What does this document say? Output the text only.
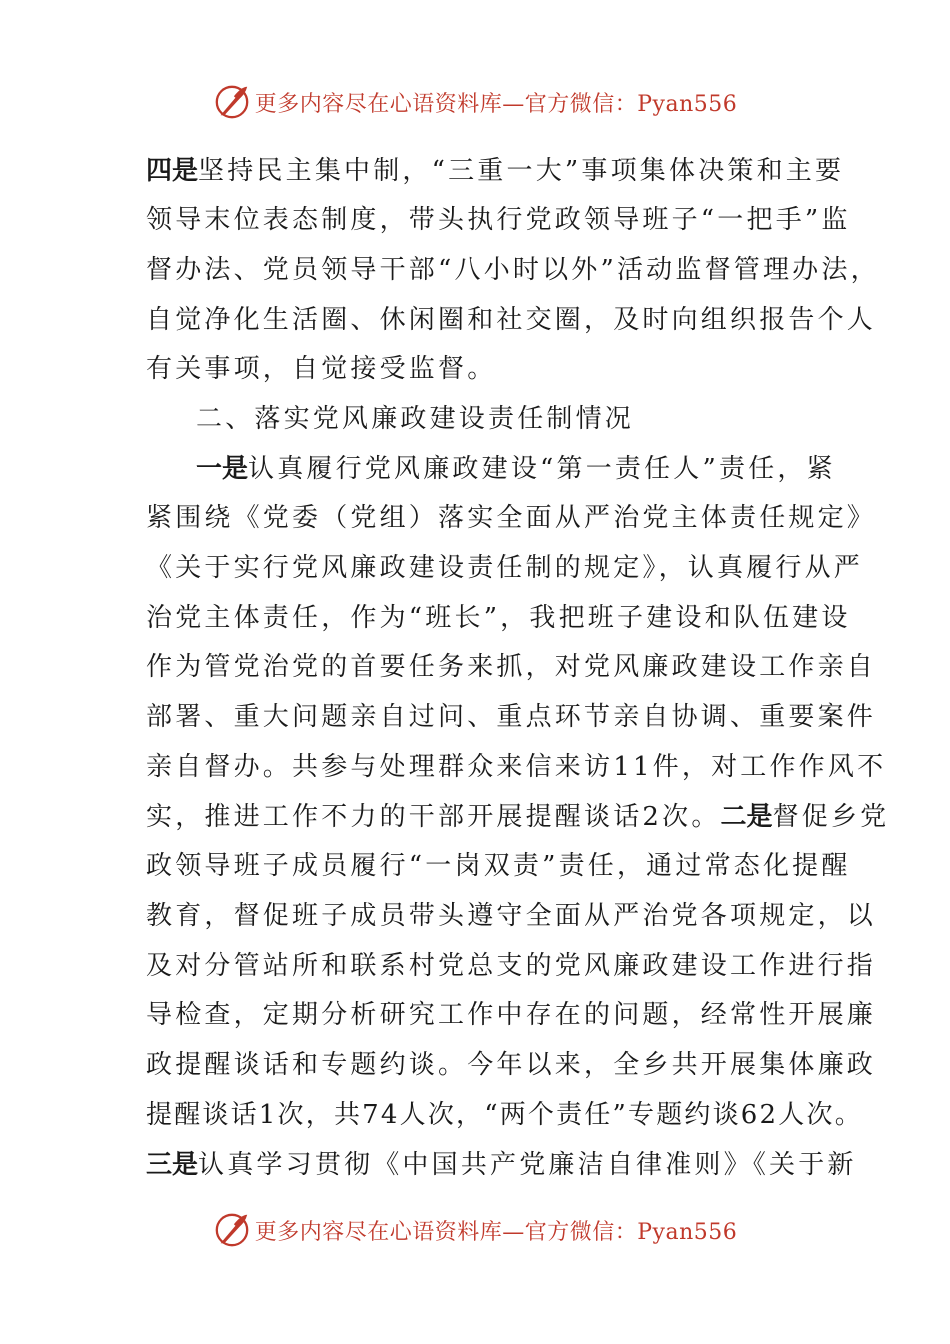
更多内容尽在心语资料库—官方微信：Pyan556
四是坚持民主集中制，“三重一大”事项集体决策和主要
领导末位表态制度，带头执行党政领导班子“一把手”监
督办法、党员领导干部“八小时以外”活动监督管理办法，
自觉净化生活圈、休闲圈和社交圈，及时向组织报告个人
有关事项，自觉接受监督。
二、落实党风廉政建设责任制情况
一是认真履行党风廉政建设“第一责任人”责任，紧
紧围绕《党委（党组）落实全面从严治党主体责任规定》
《关于实行党风廉政建设责任制的规定》，认真履行从严
治党主体责任，作为“班长”，我把班子建设和队伍建设
作为管党治党的首要任务来抓，对党风廉政建设工作亲自
部署、重大问题亲自过问、重点环节亲自协调、重要案件
亲自督办。共参与处理群众来信来访11件，对工作作风不
实，推进工作不力的干部开展提醒谈话2次。二是督促乡党
政领导班子成员履行“一岗双责”责任，通过常态化提醒
教育，督促班子成员带头遵守全面从严治党各项规定，以
及对分管站所和联系村党总支的党风廉政建设工作进行指
导检查，定期分析研究工作中存在的问题，经常性开展廉
政提醒谈话和专题约谈。今年以来，全乡共开展集体廉政
提醒谈话1次，共74人次，“两个责任”专题约谈62人次。
三是认真学习贯彻《中国共产党廉洁自律准则》《关于新
更多内容尽在心语资料库—官方微信：Pyan556
